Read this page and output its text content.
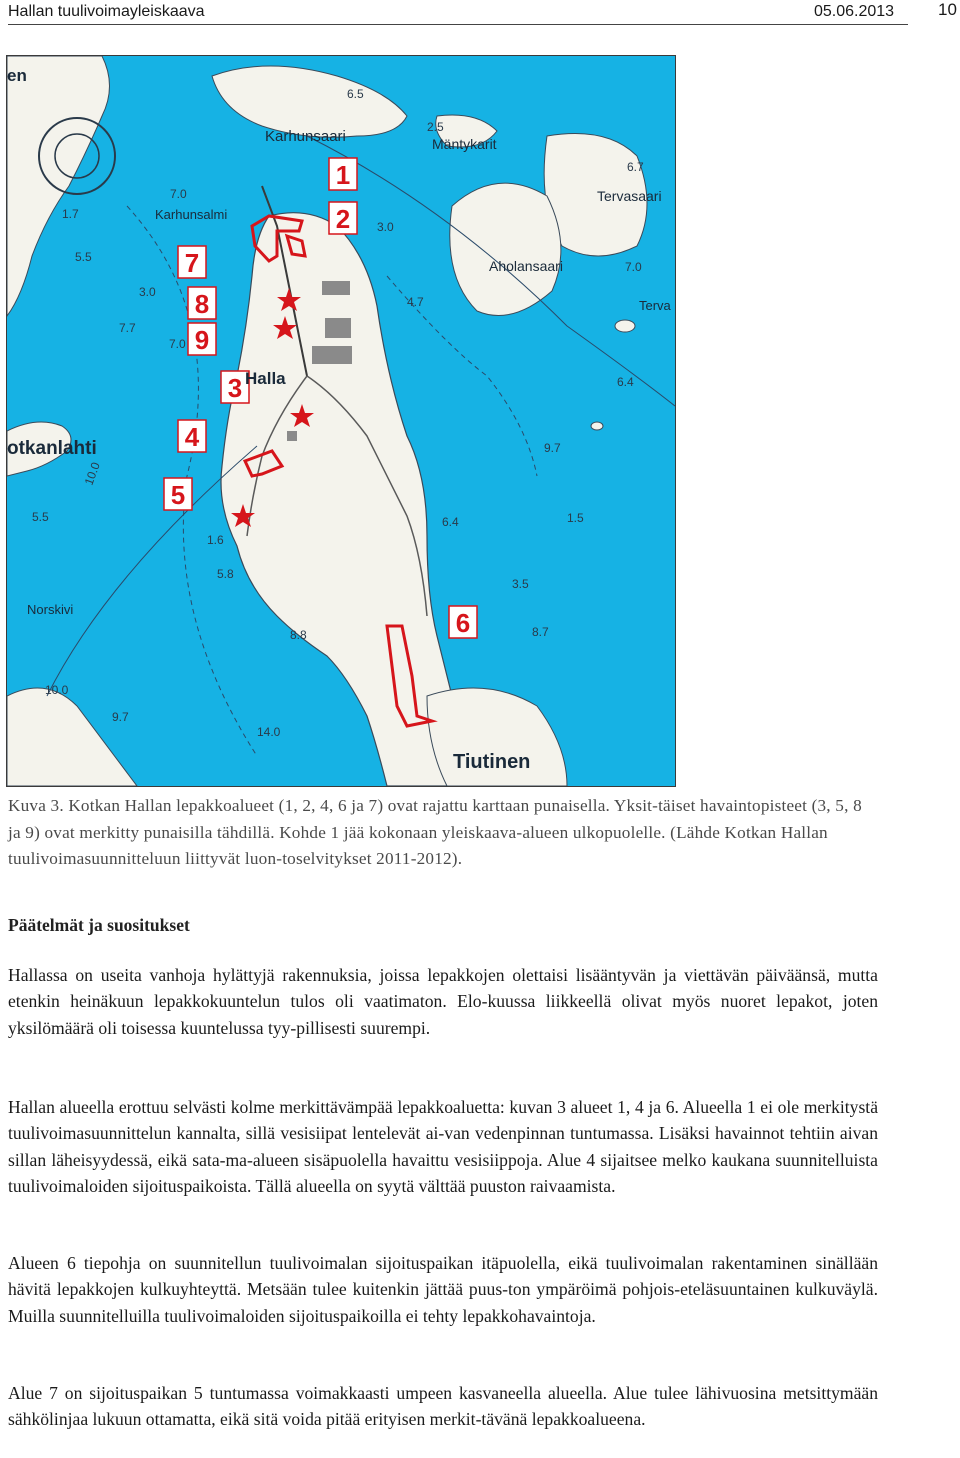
Hallan tuulivoimayleiskaava	05.06.2013	10
1
2
3
4
5
6
7
8
9
en
Karhunsaari	Mäntykarit
Tervasaari
Karhunsalmi
Aholansaari
Terva
Halla
otkanlahti
Norskivi
Tiutinen
6.5
2.5
7.0
1.7
5.5
6.7
7.0
3.0
7.7
3.0
7.0
4.7
6.4
9.7
10.0
5.5	6.4	1.5
1.6
5.8
3.5
8.8	8.7
10.0
9.7
14.0
Kuva 3. Kotkan Hallan lepakkoalueet (1, 2, 4, 6 ja 7) ovat rajattu karttaan punaisella. Yksit-täiset havaintopisteet (3, 5, 8 ja 9) ovat merkitty punaisilla tähdillä. Kohde 1 jää kokonaan yleiskaava-alueen ulkopuolelle. (Lähde Kotkan Hallan tuulivoimasuunnitteluun liittyvät luon-toselvitykset 2011-2012).
Päätelmät ja suositukset
Hallassa on useita vanhoja hylättyjä rakennuksia, joissa lepakkojen olettaisi lisääntyvän ja viettävän päiväänsä, mutta etenkin heinäkuun lepakkokuuntelun tulos oli vaatimaton. Elo-kuussa liikkeellä olivat myös nuoret lepakot, joten yksilömäärä oli toisessa kuuntelussa tyy-pillisesti suurempi.
Hallan alueella erottuu selvästi kolme merkittävämpää lepakkoaluetta: kuvan 3 alueet 1, 4 ja 6. Alueella 1 ei ole merkitystä tuulivoimasuunnittelun kannalta, sillä vesisiipat lentelevät ai-van vedenpinnan tuntumassa. Lisäksi havainnot tehtiin aivan sillan läheisyydessä, eikä sata-ma-alueen sisäpuolella havaittu vesisiippoja. Alue 4 sijaitsee melko kaukana suunnitelluista tuulivoimaloiden sijoituspaikoista. Tällä alueella on syytä välttää puuston raivaamista.
Alueen 6 tiepohja on suunnitellun tuulivoimalan sijoituspaikan itäpuolella, eikä tuulivoimalan rakentaminen sinällään hävitä lepakkojen kulkuyhteyttä. Metsään tulee kuitenkin jättää puus-ton ympäröimä pohjois-eteläsuuntainen kulkuväylä. Muilla suunnitelluilla tuulivoimaloiden sijoituspaikoilla ei tehty lepakkohavaintoja.
Alue 7 on sijoituspaikan 5 tuntumassa voimakkaasti umpeen kasvaneella alueella. Alue tulee lähivuosina metsittymään sähkölinjaa lukuun ottamatta, eikä sitä voida pitää erityisen merkit-tävänä lepakkoalueena.
